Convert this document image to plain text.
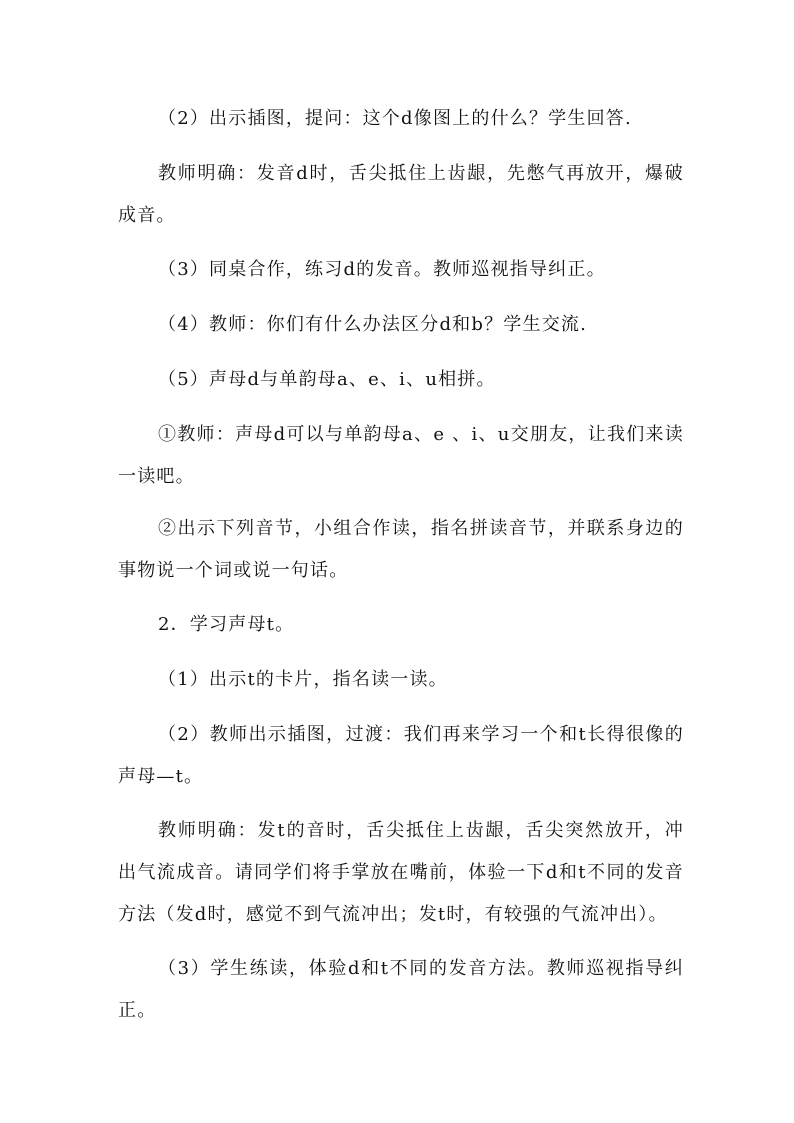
（2）出示插图，提问：这个d像图上的什么？学生回答.

教师明确：发音d时，舌尖抵住上齿龈，先憋气再放开，爆破成音。

（3）同桌合作，练习d的发音。教师巡视指导纠正。

（4）教师：你们有什么办法区分d和b？学生交流.

（5）声母d与单韵母a、e、i、u相拼。

①教师：声母d可以与单韵母a、e 、i、u交朋友，让我们来读一读吧。

②出示下列音节，小组合作读，指名拼读音节，并联系身边的事物说一个词或说一句话。

2．学习声母t。

（1）出示t的卡片，指名读一读。

（2）教师出示插图，过渡：我们再来学习一个和t长得很像的声母—t。

教师明确：发t的音时，舌尖抵住上齿龈，舌尖突然放开，冲出气流成音。请同学们将手掌放在嘴前，体验一下d和t不同的发音方法（发d时，感觉不到气流冲出；发t时，有较强的气流冲出）。

（3）学生练读，体验d和t不同的发音方法。教师巡视指导纠正。
